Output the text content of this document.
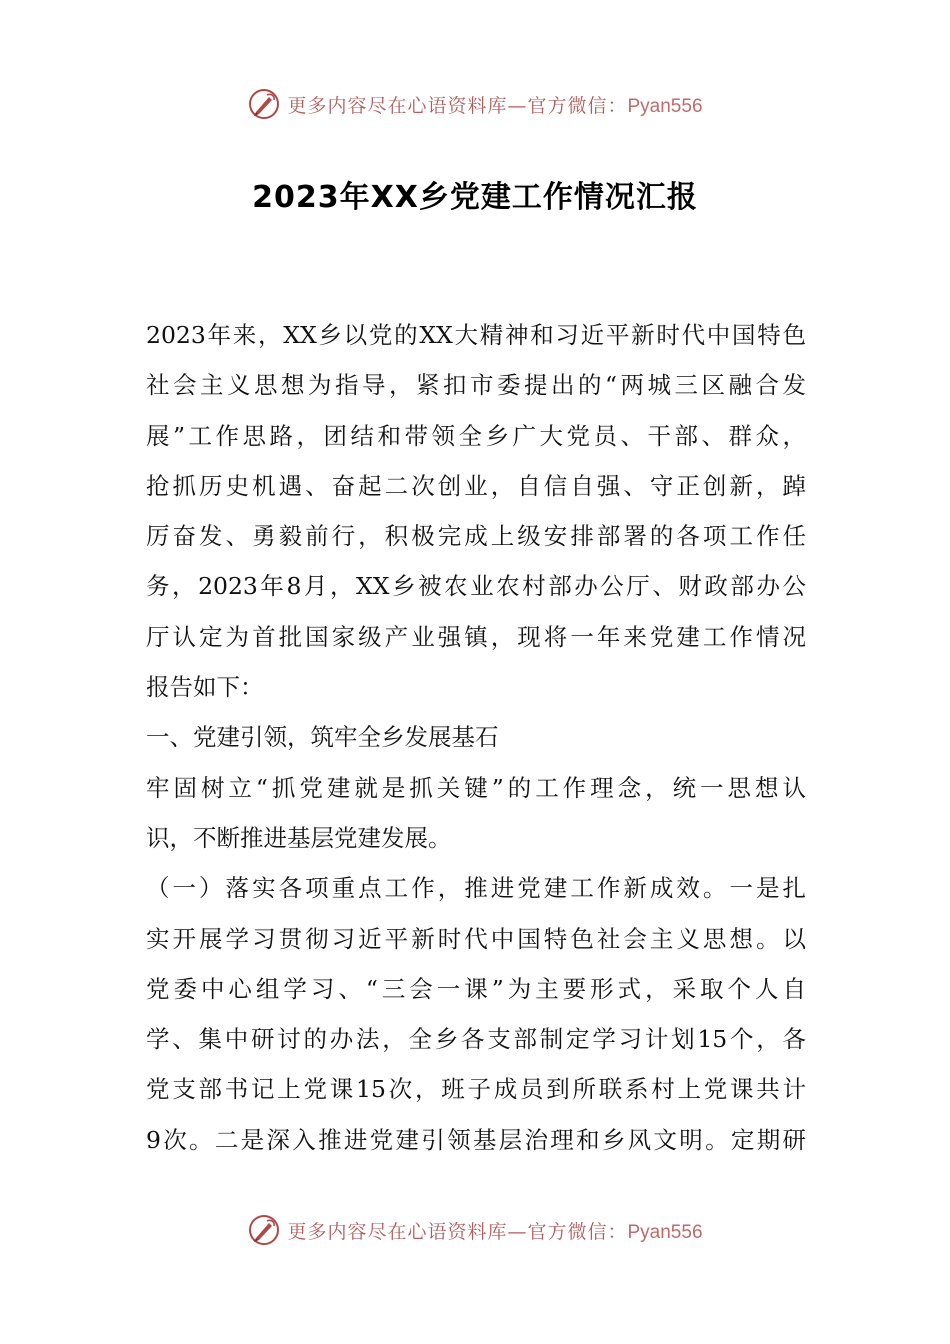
更多内容尽在心语资料库—官方微信：Pyan556
2023年XX乡党建工作情况汇报
2023年来，XX乡以党的XX大精神和习近平新时代中国特色
社会主义思想为指导，紧扣市委提出的“两城三区融合发
展”工作思路，团结和带领全乡广大党员、干部、群众，
抢抓历史机遇、奋起二次创业，自信自强、守正创新，踔
厉奋发、勇毅前行，积极完成上级安排部署的各项工作任
务，2023年8月，XX乡被农业农村部办公厅、财政部办公
厅认定为首批国家级产业强镇，现将一年来党建工作情况
报告如下：
一、党建引领，筑牢全乡发展基石
牢固树立“抓党建就是抓关键”的工作理念，统一思想认
识，不断推进基层党建发展。
（一）落实各项重点工作，推进党建工作新成效。一是扎
实开展学习贯彻习近平新时代中国特色社会主义思想。以
党委中心组学习、“三会一课”为主要形式，采取个人自
学、集中研讨的办法，全乡各支部制定学习计划15个，各
党支部书记上党课15次，班子成员到所联系村上党课共计
9次。二是深入推进党建引领基层治理和乡风文明。定期研
更多内容尽在心语资料库—官方微信：Pyan556
